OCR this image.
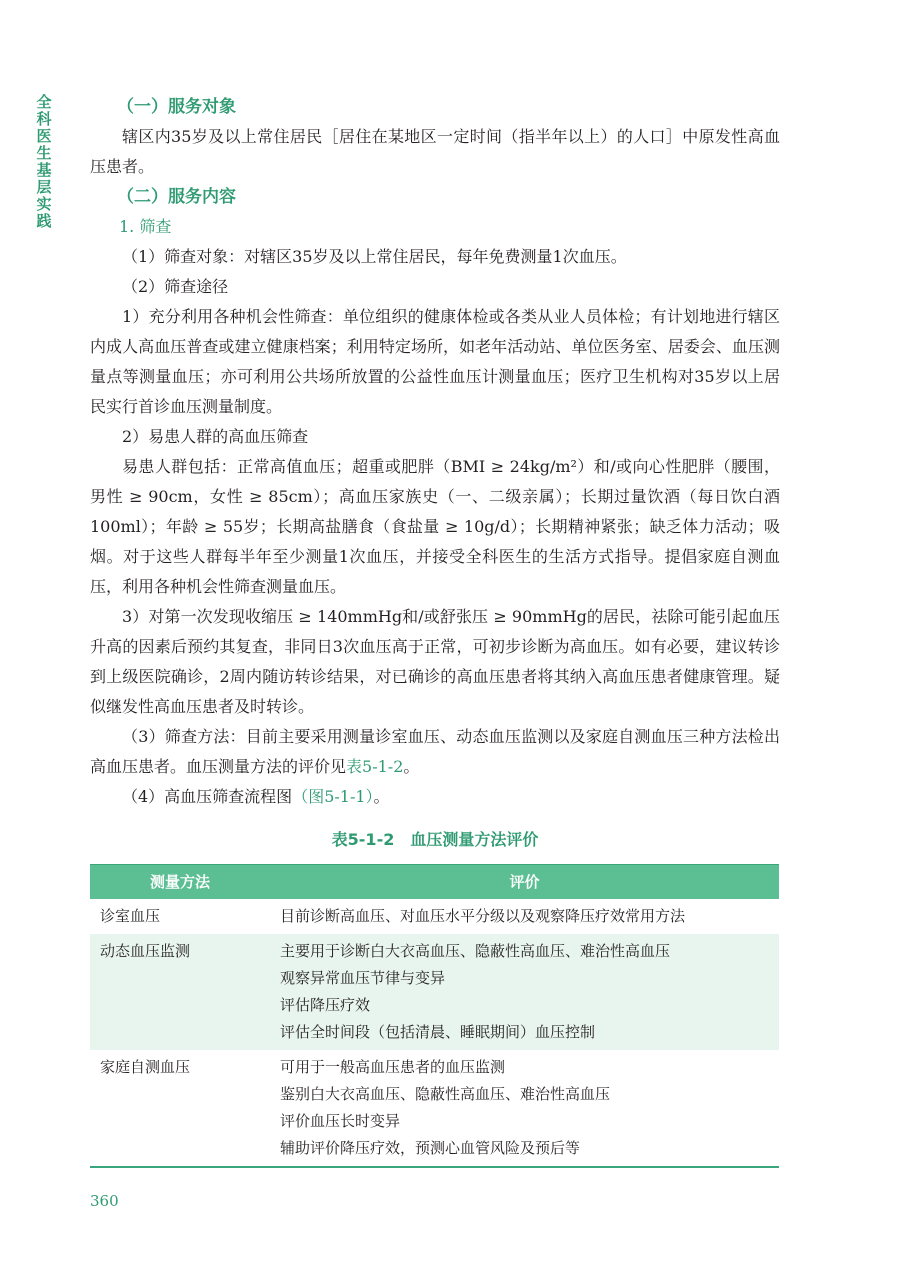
全科医生基层实践
（一）服务对象

辖区内35岁及以上常住居民［居住在某地区一定时间（指半年以上）的人口］中原发性高血压患者。

（二）服务内容
1. 筛查

（1）筛查对象：对辖区35岁及以上常住居民，每年免费测量1次血压。

（2）筛查途径

1）充分利用各种机会性筛查：单位组织的健康体检或各类从业人员体检；有计划地进行辖区内成人高血压普查或建立健康档案；利用特定场所，如老年活动站、单位医务室、居委会、血压测量点等测量血压；亦可利用公共场所放置的公益性血压计测量血压；医疗卫生机构对35岁以上居民实行首诊血压测量制度。

2）易患人群的高血压筛查

易患人群包括：正常高值血压；超重或肥胖（BMI ≥ 24kg/m²）和/或向心性肥胖（腰围，男性 ≥ 90cm，女性 ≥ 85cm）；高血压家族史（一、二级亲属）；长期过量饮酒（每日饮白酒100ml）；年龄 ≥ 55岁；长期高盐膳食（食盐量 ≥ 10g/d）；长期精神紧张；缺乏体力活动；吸烟。对于这些人群每半年至少测量1次血压，并接受全科医生的生活方式指导。提倡家庭自测血压，利用各种机会性筛查测量血压。

3）对第一次发现收缩压 ≥ 140mmHg和/或舒张压 ≥ 90mmHg的居民，祛除可能引起血压升高的因素后预约其复查，非同日3次血压高于正常，可初步诊断为高血压。如有必要，建议转诊到上级医院确诊，2周内随访转诊结果，对已确诊的高血压患者将其纳入高血压患者健康管理。疑似继发性高血压患者及时转诊。

（3）筛查方法：目前主要采用测量诊室血压、动态血压监测以及家庭自测血压三种方法检出高血压患者。血压测量方法的评价见表5-1-2。

（4）高血压筛查流程图（图5-1-1）。

表5-1-2　血压测量方法评价
测量方法	评价
诊室血压	目前诊断高血压、对血压水平分级以及观察降压疗效常用方法
动态血压监测	主要用于诊断白大衣高血压、隐蔽性高血压、难治性高血压
观察异常血压节律与变异
评估降压疗效
评估全时间段（包括清晨、睡眠期间）血压控制
家庭自测血压	可用于一般高血压患者的血压监测
鉴别白大衣高血压、隐蔽性高血压、难治性高血压
评价血压长时变异
辅助评价降压疗效，预测心血管风险及预后等
360
